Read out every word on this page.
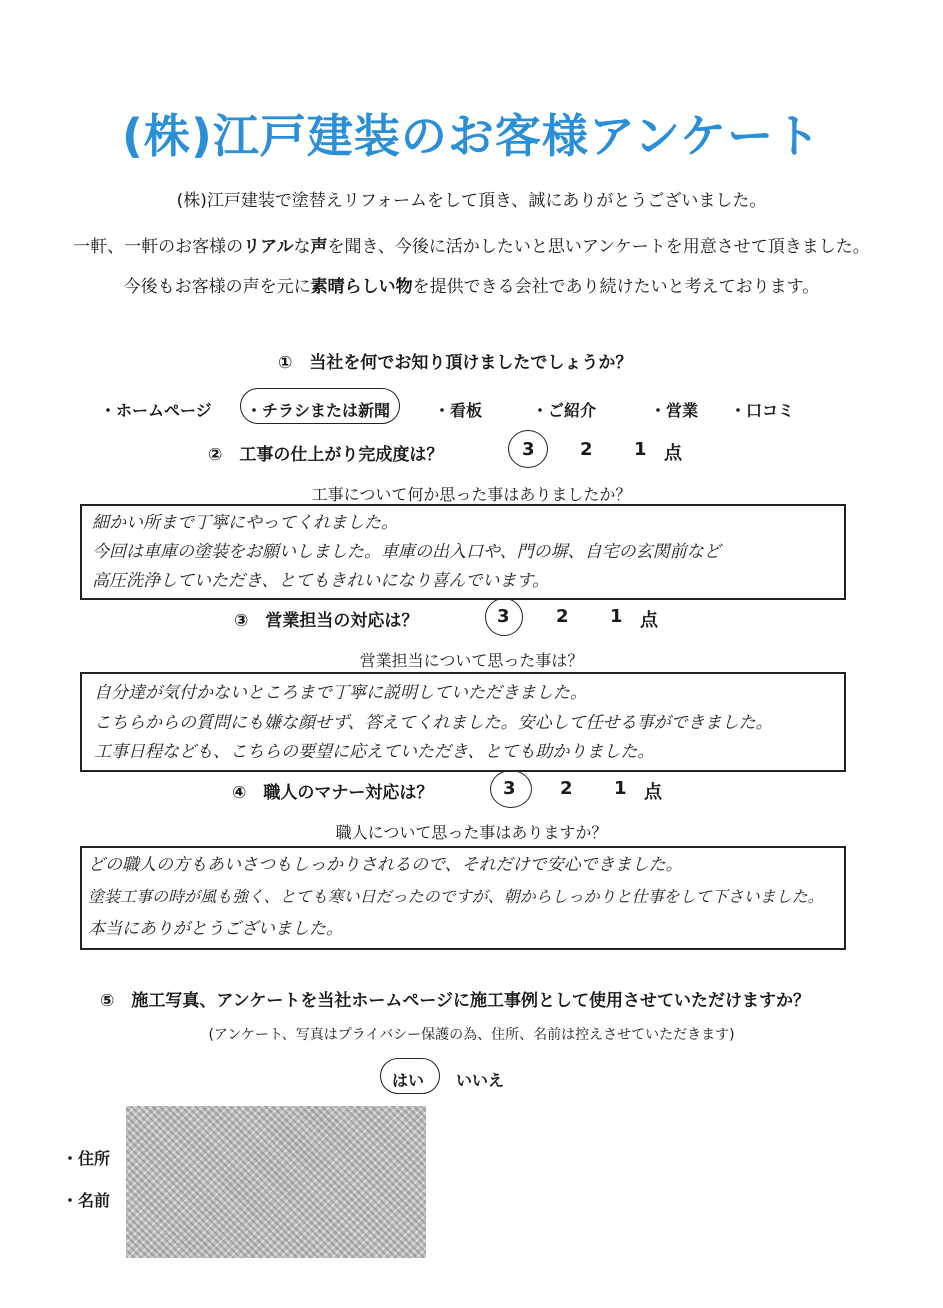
(株)江戸建装のお客様アンケート
(株)江戸建装で塗替えリフォームをして頂き、誠にありがとうございました。
一軒、一軒のお客様のリアルな声を聞き、今後に活かしたいと思いアンケートを用意させて頂きました。
今後もお客様の声を元に素晴らしい物を提供できる会社であり続けたいと考えております。
①　当社を何でお知り頂けましたでしょうか？
・ホームページ ・チラシまたは新聞	・看板	・ご紹介	・営業 ・口コミ
②　工事の仕上がり完成度は？	3	2 1 点
工事について何か思った事はありましたか？
細かい所まで丁寧にやってくれました。
今回は車庫の塗装をお願いしました。車庫の出入口や、門の塀、自宅の玄関前など
高圧洗浄していただき、とてもきれいになり喜んでいます。
③　営業担当の対応は？	3	2 1 点
営業担当について思った事は？
自分達が気付かないところまで丁寧に説明していただきました。
こちらからの質問にも嫌な顔せず、答えてくれました。安心して任せる事ができました。
工事日程なども、こちらの要望に応えていただき、とても助かりました。
④　職人のマナー対応は？	3 2 1 点
職人について思った事はありますか？
どの職人の方もあいさつもしっかりされるので、それだけで安心できました。
塗装工事の時が風も強く、とても寒い日だったのですが、朝からしっかりと仕事をして下さいました。
本当にありがとうございました。
⑤　施工写真、アンケートを当社ホームページに施工事例として使用させていただけますか？
(アンケート、写真はプライバシー保護の為、住所、名前は控えさせていただきます)
はい いいえ
・住所
・名前
